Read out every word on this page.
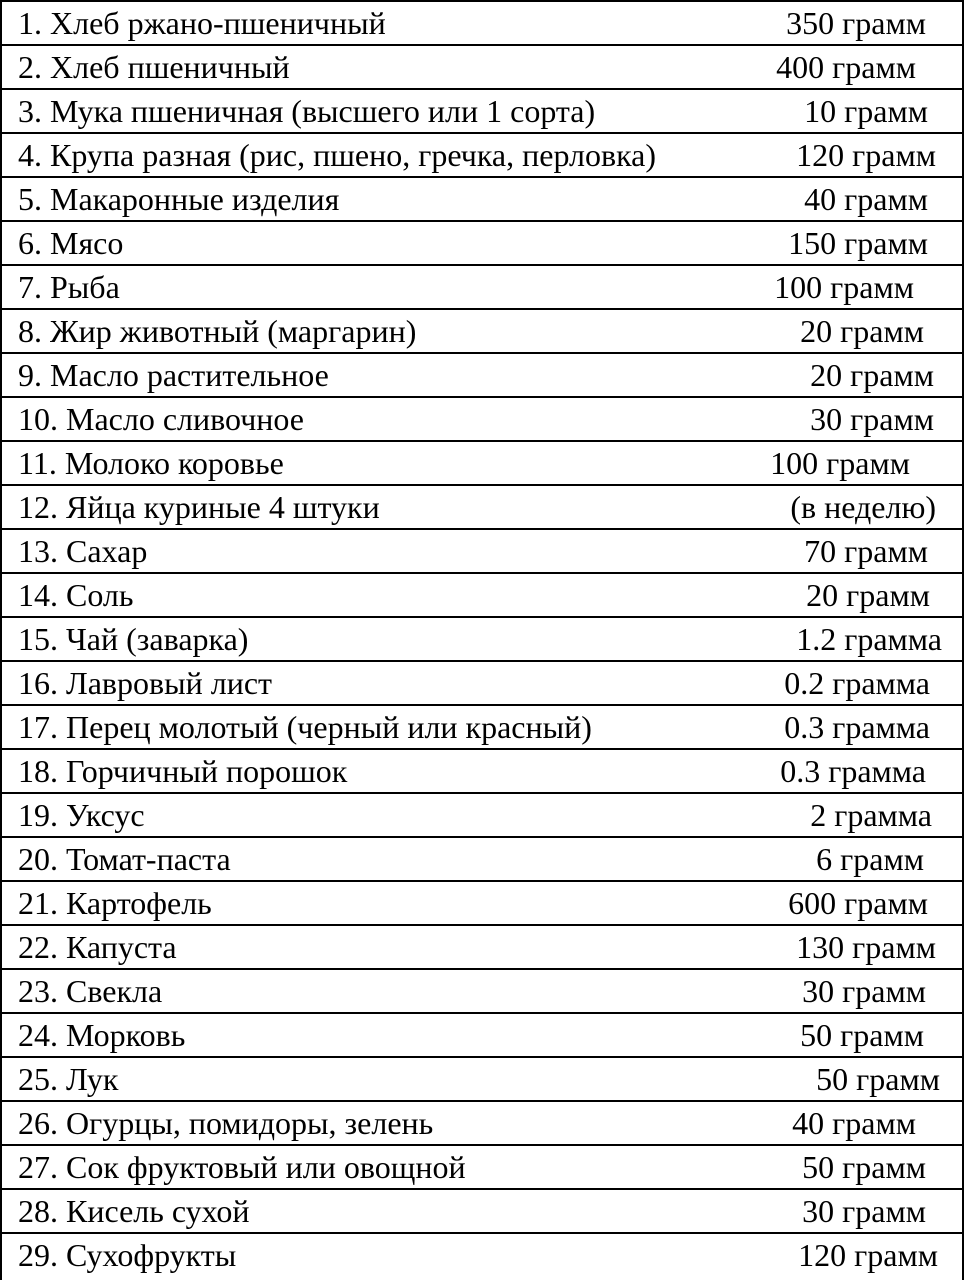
1. Хлеб ржано-пшеничный	350 грамм
2. Хлеб пшеничный	400 грамм
3. Мука пшеничная (высшего или 1 сорта)	10 грамм
4. Крупа разная (рис, пшено, гречка, перловка)	120 грамм
5. Макаронные изделия	40 грамм
6. Мясо	150 грамм
7. Рыба	100 грамм
8. Жир животный (маргарин)	20 грамм
9. Масло растительное	20 грамм
10. Масло сливочное	30 грамм
11. Молоко коровье	100 грамм
12. Яйца куриные 4 штуки	(в неделю)
13. Сахар	70 грамм
14. Соль	20 грамм
15. Чай (заварка)	1.2 грамма
16. Лавровый лист	0.2 грамма
17. Перец молотый (черный или красный)	0.3 грамма
18. Горчичный порошок	0.3 грамма
19. Уксус	2 грамма
20. Томат-паста	6 грамм
21. Картофель	600 грамм
22. Капуста	130 грамм
23. Свекла	30 грамм
24. Морковь	50 грамм
25. Лук	50 грамм
26. Огурцы, помидоры, зелень	40 грамм
27. Сок фруктовый или овощной	50 грамм
28. Кисель сухой	30 грамм
29. Сухофрукты	120 грамм
